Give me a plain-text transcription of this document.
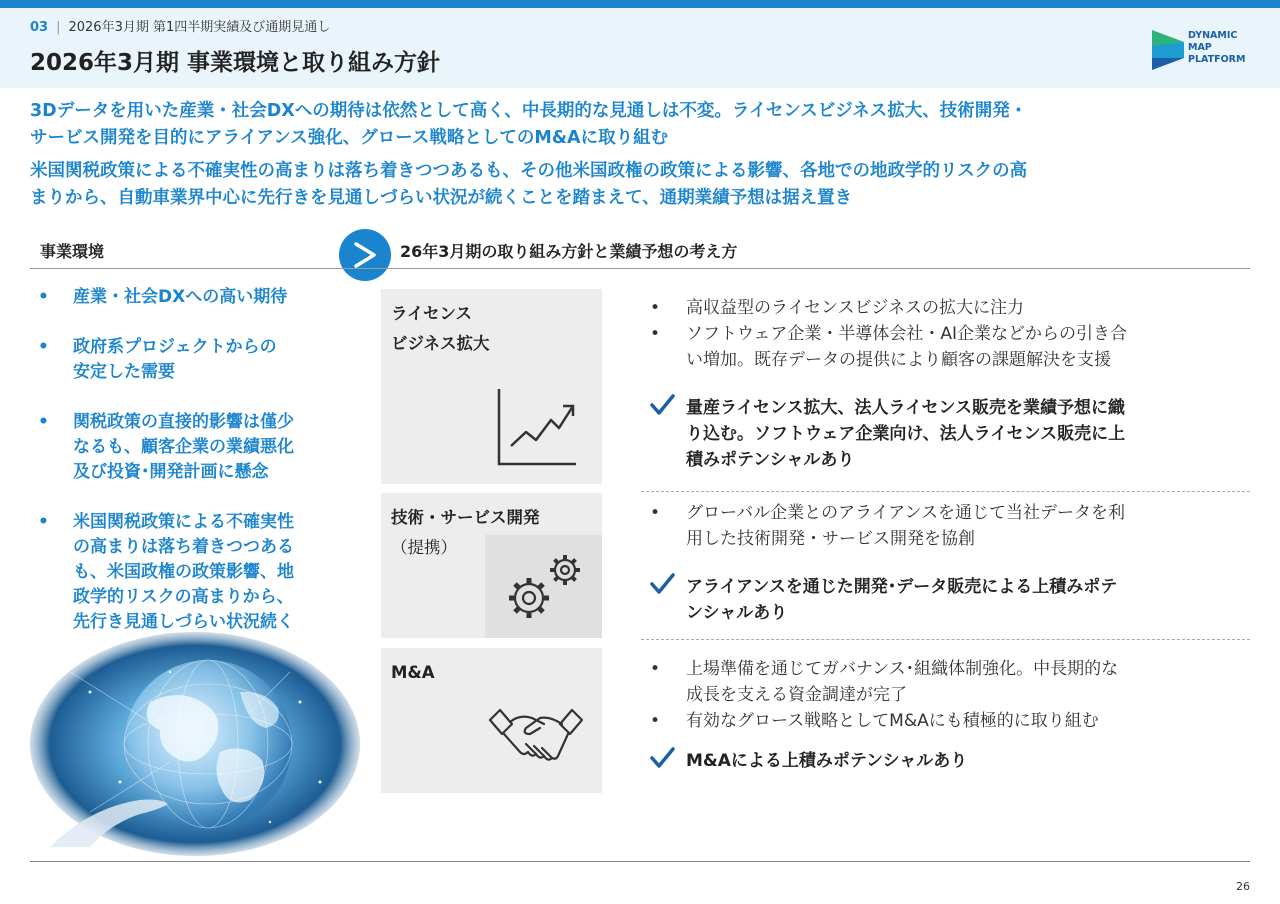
03 | 2026年3月期 第1四半期実績及び通期見通し
2026年3月期 事業環境と取り組み方針
DYNAMIC
MAP
PLATFORM
3Dデータを用いた産業・社会DXへの期待は依然として高く、中長期的な見通しは不変。ライセンスビジネス拡大、技術開発・
サービス開発を目的にアライアンス強化、グロース戦略としてのM&Aに取り組む
米国関税政策による不確実性の高まりは落ち着きつつあるも、その他米国政権の政策による影響、各地での地政学的リスクの高
まりから、自動車業界中心に先行きを見通しづらい状況が続くことを踏まえて、通期業績予想は据え置き
事業環境	26年3月期の取り組み方針と業績予想の考え方
• 産業・社会DXへの高い期待
• 政府系プロジェクトからの
安定した需要
• 関税政策の直接的影響は僅少
なるも、顧客企業の業績悪化
及び投資･開発計画に懸念
• 米国関税政策による不確実性
の高まりは落ち着きつつある
も、米国政権の政策影響、地
政学的リスクの高まりから、
先行き見通しづらい状況続く
ライセンス
ビジネス拡大
技術・サービス開発
（提携）
M&A
• 高収益型のライセンスビジネスの拡大に注力
• ソフトウェア企業・半導体会社・AI企業などからの引き合
い増加。既存データの提供により顧客の課題解決を支援
量産ライセンス拡大、法人ライセンス販売を業績予想に織
り込む。ソフトウェア企業向け、法人ライセンス販売に上
積みポテンシャルあり
• グローバル企業とのアライアンスを通じて当社データを利
用した技術開発・サービス開発を協創
アライアンスを通じた開発･データ販売による上積みポテ
ンシャルあり
• 上場準備を通じてガバナンス･組織体制強化。中長期的な
成長を支える資金調達が完了
• 有効なグロース戦略としてM&Aにも積極的に取り組む
M&Aによる上積みポテンシャルあり
26
